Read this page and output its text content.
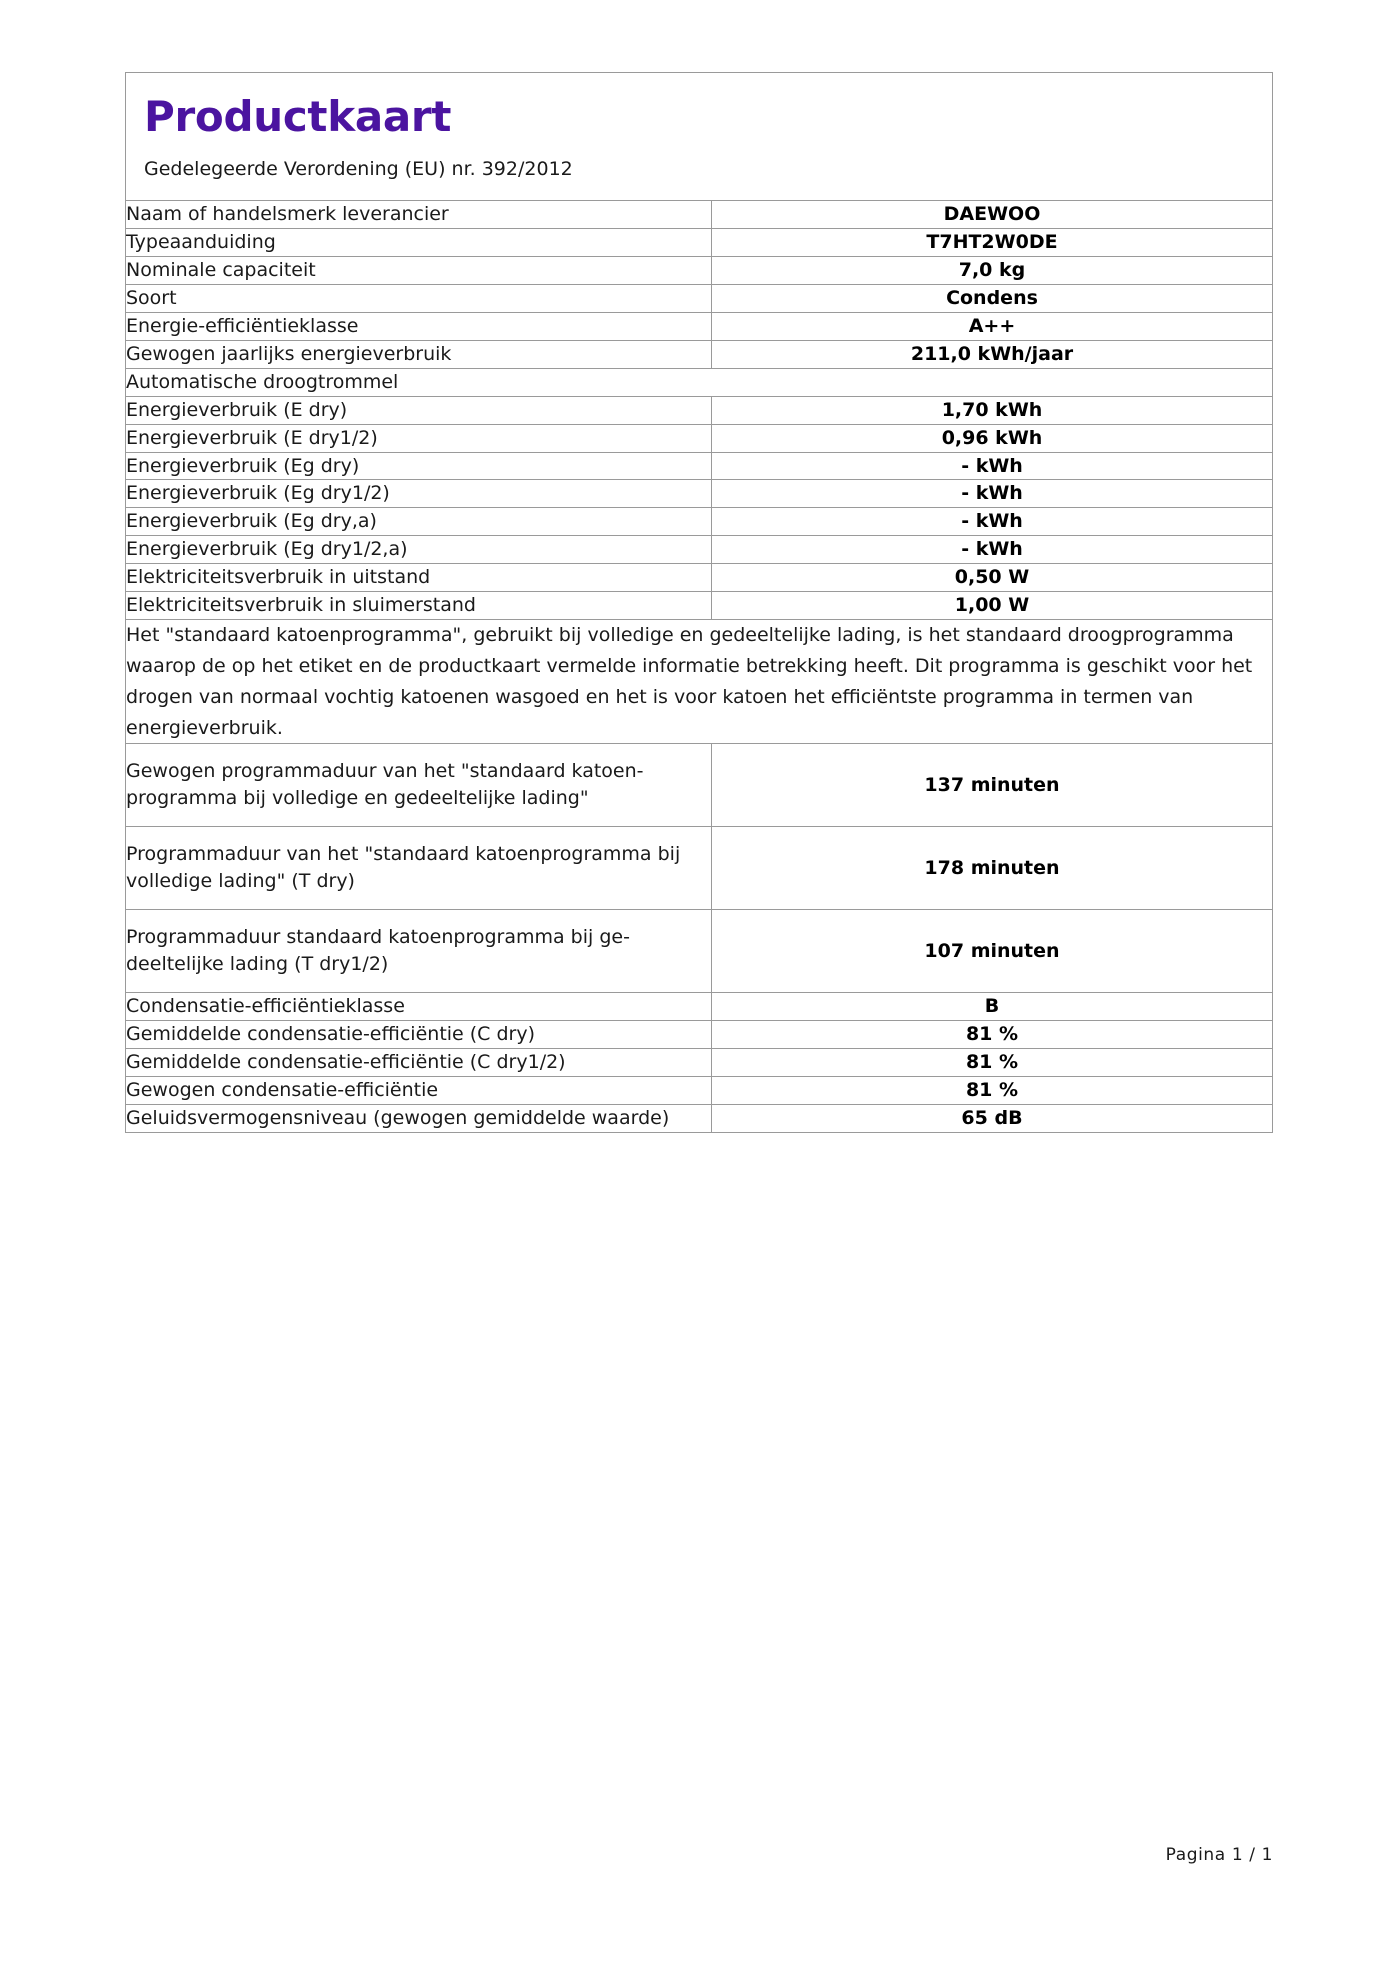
Productkaart
Gedelegeerde Verordening (EU) nr. 392/2012
Naam of handelsmerk leverancier	DAEWOO
Typeaanduiding	T7HT2W0DE
Nominale capaciteit	7,0 kg
Soort	Condens
Energie-efficiëntieklasse	A++
Gewogen jaarlijks energieverbruik	211,0 kWh/jaar
Automatische droogtrommel	
Energieverbruik (E dry)	1,70 kWh
Energieverbruik (E dry1/2)	0,96 kWh
Energieverbruik (Eg dry)	- kWh
Energieverbruik (Eg dry1/2)	- kWh
Energieverbruik (Eg dry,a)	- kWh
Energieverbruik (Eg dry1/2,a)	- kWh
Elektriciteitsverbruik in uitstand	0,50 W
Elektriciteitsverbruik in sluimerstand	1,00 W
Het "standaard katoenprogramma", gebruikt bij volledige en gedeeltelijke lading, is het standaard droogprogramma waarop de op het etiket en de productkaart vermelde informatie betrekking heeft. Dit programma is geschikt voor het drogen van normaal vochtig katoenen wasgoed en het is voor katoen het efficiëntste programma in termen van energieverbruik.	
Gewogen programmaduur van het "standaard katoen-programma bij volledige en gedeeltelijke lading"	137 minuten
Programmaduur van het "standaard katoenprogramma bij volledige lading" (T dry)	178 minuten
Programmaduur standaard katoenprogramma bij ge-deeltelijke lading (T dry1/2)	107 minuten
Condensatie-efficiëntieklasse	B
Gemiddelde condensatie-efficiëntie (C dry)	81 %
Gemiddelde condensatie-efficiëntie (C dry1/2)	81 %
Gewogen condensatie-efficiëntie	81 %
Geluidsvermogensniveau (gewogen gemiddelde waarde)	65 dB
Pagina 1 / 1
